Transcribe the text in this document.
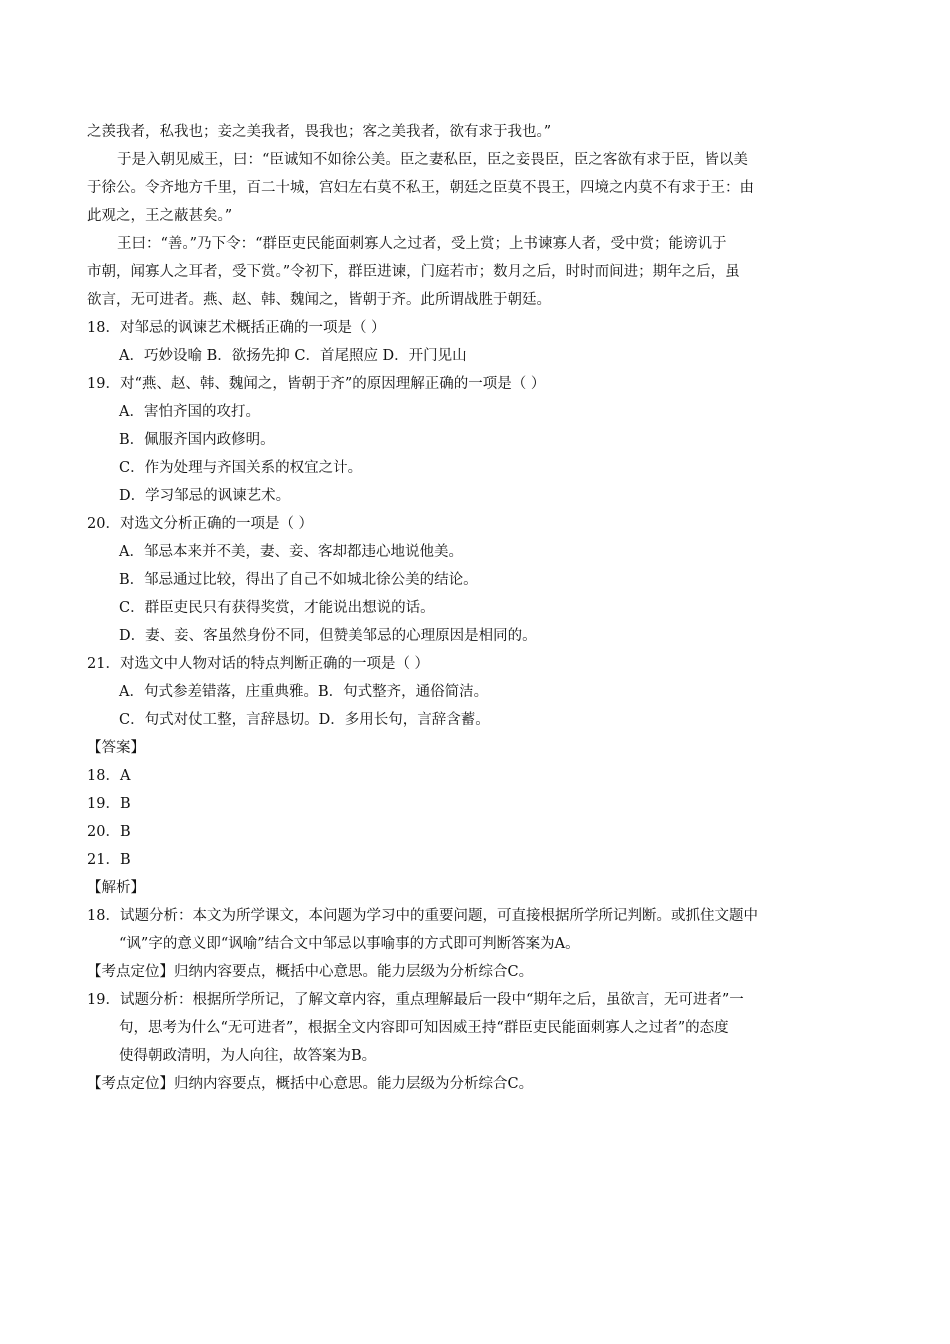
之羡我者，私我也；妾之美我者，畏我也；客之美我者，欲有求于我也。”
于是入朝见威王，曰：“臣诚知不如徐公美。臣之妻私臣，臣之妾畏臣，臣之客欲有求于臣，皆以美
于徐公。令齐地方千里，百二十城，宫妇左右莫不私王，朝廷之臣莫不畏王，四境之内莫不有求于王：由
此观之，王之蔽甚矣。”
王曰：“善。”乃下令：“群臣吏民能面刺寡人之过者，受上赏；上书谏寡人者，受中赏；能谤讥于
市朝，闻寡人之耳者，受下赏。”令初下，群臣进谏，门庭若市；数月之后，时时而间进；期年之后，虽
欲言，无可进者。燕、赵、韩、魏闻之，皆朝于齐。此所谓战胜于朝廷。
18．对邹忌的讽谏艺术概括正确的一项是（ ）
A．巧妙设喻 B．欲扬先抑 C．首尾照应 D．开门见山
19．对“燕、赵、韩、魏闻之，皆朝于齐”的原因理解正确的一项是（ ）
A．害怕齐国的攻打。
B．佩服齐国内政修明。
C．作为处理与齐国关系的权宜之计。
D．学习邹忌的讽谏艺术。
20．对选文分析正确的一项是（ ）
A．邹忌本来并不美，妻、妾、客却都违心地说他美。
B．邹忌通过比较，得出了自己不如城北徐公美的结论。
C．群臣吏民只有获得奖赏，才能说出想说的话。
D．妻、妾、客虽然身份不同，但赞美邹忌的心理原因是相同的。
21．对选文中人物对话的特点判断正确的一项是（ ）
A．句式参差错落，庄重典雅。B．句式整齐，通俗简洁。
C．句式对仗工整，言辞恳切。D．多用长句，言辞含蓄。
【答案】
18．A
19．B
20．B
21．B
【解析】
18．试题分析：本文为所学课文，本问题为学习中的重要问题，可直接根据所学所记判断。或抓住文题中
“讽”字的意义即“讽喻”结合文中邹忌以事喻事的方式即可判断答案为A。
【考点定位】归纳内容要点，概括中心意思。能力层级为分析综合C。
19．试题分析：根据所学所记，了解文章内容，重点理解最后一段中“期年之后，虽欲言，无可进者”一
句，思考为什么“无可进者”，根据全文内容即可知因威王持“群臣吏民能面刺寡人之过者”的态度
使得朝政清明，为人向往，故答案为B。
【考点定位】归纳内容要点，概括中心意思。能力层级为分析综合C。
